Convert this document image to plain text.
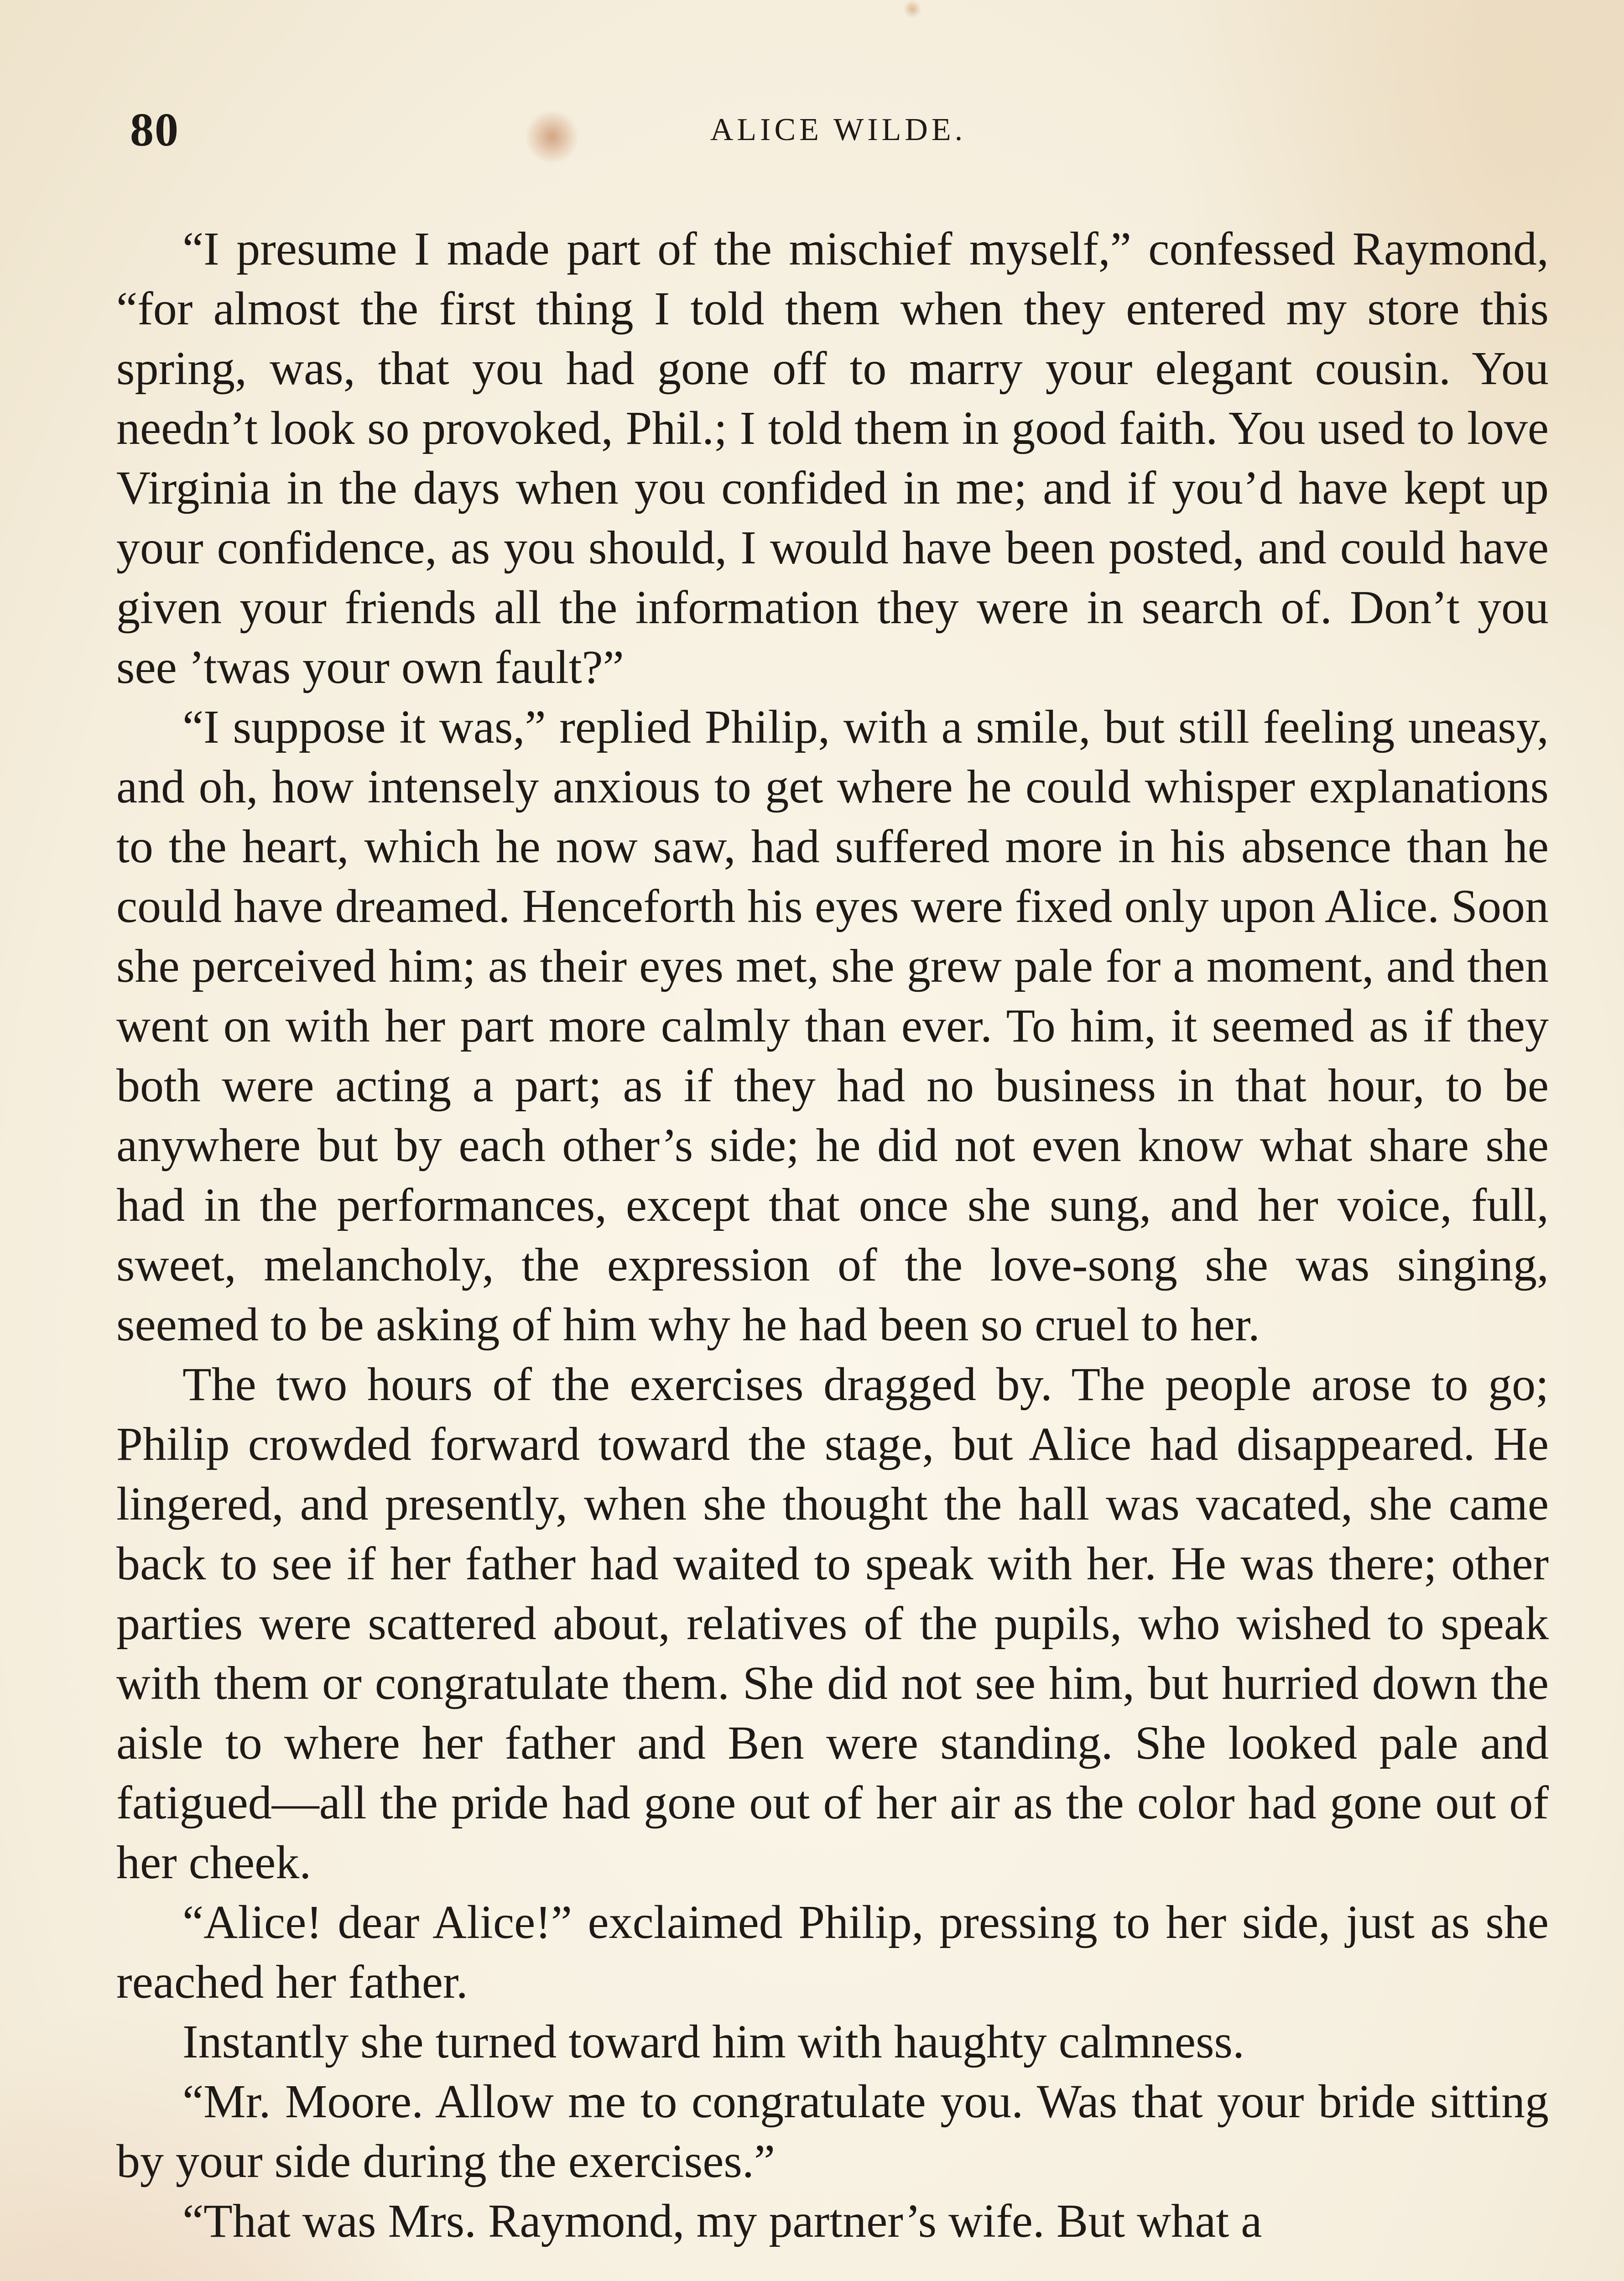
80	ALICE WILDE.

“I presume I made part of the mischief myself,” confessed Raymond, “for almost the first thing I told them when they entered my store this spring, was, that you had gone off to marry your elegant cousin. You needn’t look so provoked, Phil.; I told them in good faith. You used to love Virginia in the days when you confided in me; and if you’d have kept up your confidence, as you should, I would have been posted, and could have given your friends all the information they were in search of. Don’t you see ’twas your own fault?”

“I suppose it was,” replied Philip, with a smile, but still feeling uneasy, and oh, how intensely anxious to get where he could whisper explanations to the heart, which he now saw, had suffered more in his absence than he could have dreamed. Henceforth his eyes were fixed only upon Alice. Soon she perceived him; as their eyes met, she grew pale for a moment, and then went on with her part more calmly than ever. To him, it seemed as if they both were acting a part; as if they had no business in that hour, to be anywhere but by each other’s side; he did not even know what share she had in the performances, except that once she sung, and her voice, full, sweet, melancholy, the expression of the love-song she was singing, seemed to be asking of him why he had been so cruel to her.

The two hours of the exercises dragged by. The people arose to go; Philip crowded forward toward the stage, but Alice had disappeared. He lingered, and presently, when she thought the hall was vacated, she came back to see if her father had waited to speak with her. He was there; other parties were scattered about, relatives of the pupils, who wished to speak with them or congratulate them. She did not see him, but hurried down the aisle to where her father and Ben were standing. She looked pale and fatigued—all the pride had gone out of her air as the color had gone out of her cheek.

“Alice! dear Alice!” exclaimed Philip, pressing to her side, just as she reached her father.

Instantly she turned toward him with haughty calmness.

“Mr. Moore. Allow me to congratulate you. Was that your bride sitting by your side during the exercises.”

“That was Mrs. Raymond, my partner’s wife. But what a
